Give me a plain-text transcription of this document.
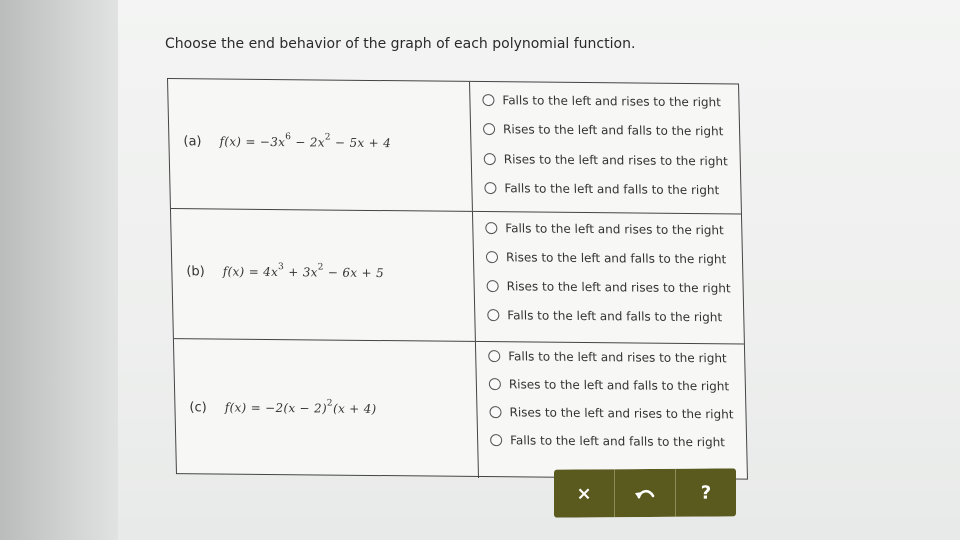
Choose the end behavior of the graph of each polynomial function.
(a) $f(x) = -3x^6 - 2x^2 - 5x + 4$
Falls to the left and rises to the right
Rises to the left and falls to the right
Rises to the left and rises to the right
Falls to the left and falls to the right
(b) $f(x) = 4x^3 + 3x^2 - 6x + 5$
Falls to the left and rises to the right
Rises to the left and falls to the right
Rises to the left and rises to the right
Falls to the left and falls to the right
(c) $f(x) = -2(x - 2)^2(x + 4)$
Falls to the left and rises to the right
Rises to the left and falls to the right
Rises to the left and rises to the right
Falls to the left and falls to the right
×	?
